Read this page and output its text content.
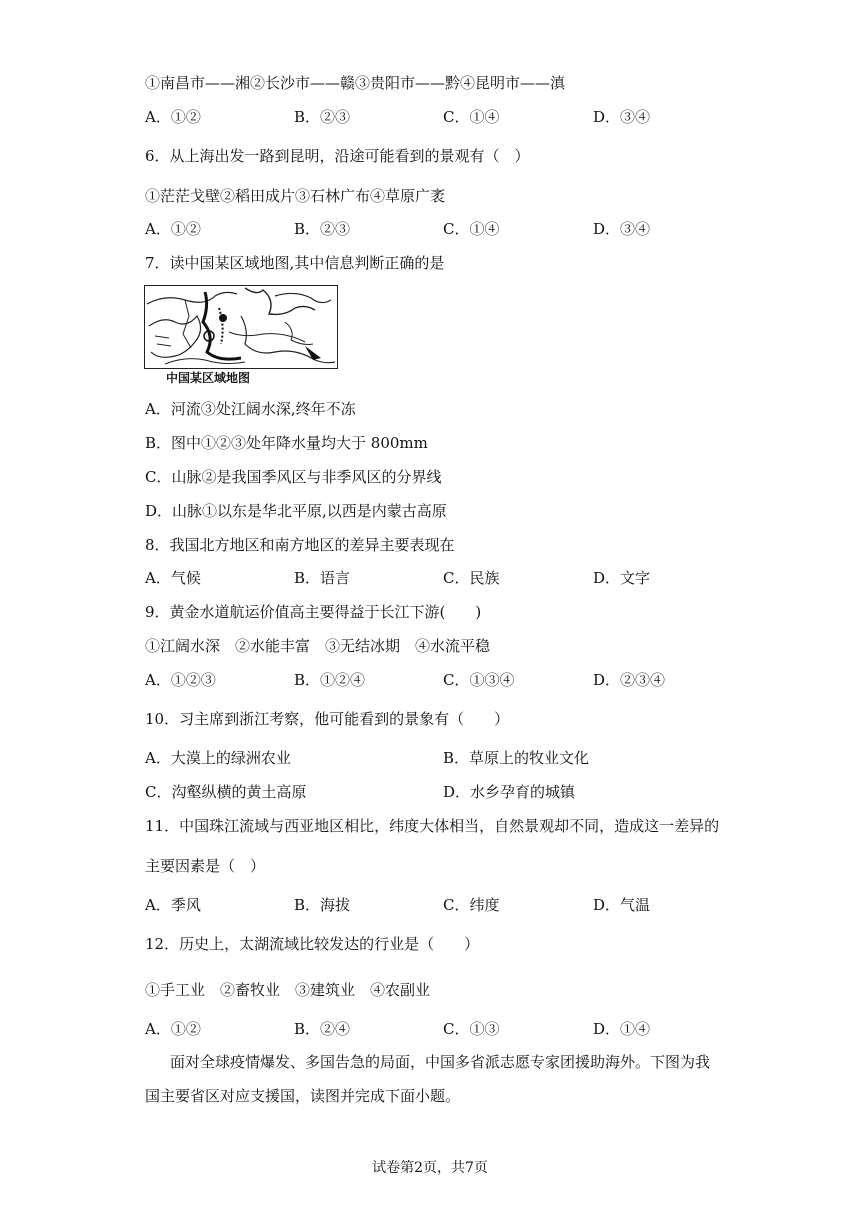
①南昌市——湘②长沙市——赣③贵阳市——黔④昆明市——滇
A．①②	B．②③	C．①④	D．③④
6．从上海出发一路到昆明，沿途可能看到的景观有（　）
①茫茫戈壁②稻田成片③石林广布④草原广袤
A．①②	B．②③	C．①④	D．③④
7．读中国某区域地图,其中信息判断正确的是
中国某区域地图
A．河流③处江阔水深,终年不冻
B．图中①②③处年降水量均大于 800mm
C．山脉②是我国季风区与非季风区的分界线
D．山脉①以东是华北平原,以西是内蒙古高原
8．我国北方地区和南方地区的差异主要表现在
A．气候	B．语言	C．民族	D．文字
9．黄金水道航运价值高主要得益于长江下游(　　)
①江阔水深　②水能丰富　③无结冰期　④水流平稳
A．①②③	B．①②④	C．①③④	D．②③④
10．习主席到浙江考察，他可能看到的景象有（　　）
A．大漠上的绿洲农业	B．草原上的牧业文化
C．沟壑纵横的黄土高原	D．水乡孕育的城镇
11．中国珠江流域与西亚地区相比，纬度大体相当，自然景观却不同，造成这一差异的
主要因素是（　）
A．季风	B．海拔	C．纬度	D．气温
12．历史上，太湖流域比较发达的行业是（　　）
①手工业　②畜牧业　③建筑业　④农副业
A．①②	B．②④	C．①③	D．①④
面对全球疫情爆发、多国告急的局面，中国多省派志愿专家团援助海外。下图为我
国主要省区对应支援国，读图并完成下面小题。
试卷第2页，共7页
